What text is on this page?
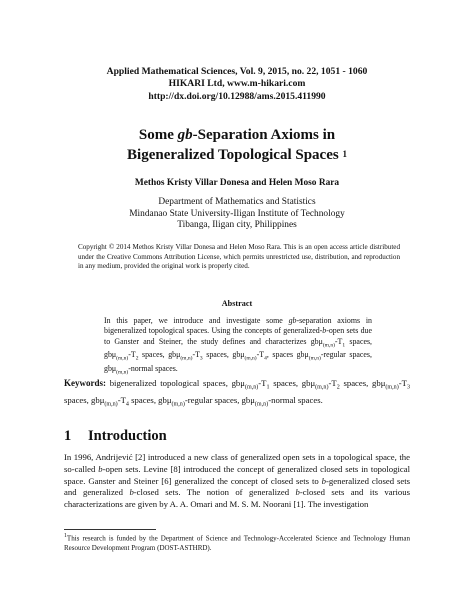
Applied Mathematical Sciences, Vol. 9, 2015, no. 22, 1051 - 1060
HIKARI Ltd, www.m-hikari.com
http://dx.doi.org/10.12988/ams.2015.411990
Some gb-Separation Axioms in
Bigeneralized Topological Spaces $^1$
Methos Kristy Villar Donesa and Helen Moso Rara
Department of Mathematics and Statistics
Mindanao State University-Iligan Institute of Technology
Tibanga, Iligan city, Philippines
Copyright © 2014 Methos Kristy Villar Donesa and Helen Moso Rara. This is an open access article distributed under the Creative Commons Attribution License, which permits unrestricted use, distribution, and reproduction in any medium, provided the original work is properly cited.
Abstract
In this paper, we introduce and investigate some gb-separation axioms in bigeneralized topological spaces. Using the concepts of generalized-b-open sets due to Ganster and Steiner, the study defines and characterizes $gb\mu_{(m,n)}-T_1$ spaces, $gb\mu_{(m,n)}-T_2$ spaces, $gb\mu_{(m,n)}-T_3$ spaces, $gb\mu_{(m,n)}-T_4$, spaces gbμ$_{(m,n)}$-regular spaces, gbμ$_{(m,n)}$-normal spaces.
Keywords: bigeneralized topological spaces, $gb\mu_{(m,n)}-T_1$ spaces, $gb\mu_{(m,n)}-T_2$ spaces, $gb\mu_{(m,n)}-T_3$ spaces, $gb\mu_{(m,n)}-T_4$ spaces, gbμ$_{(m,n)}$-regular spaces, gbμ$_{(m,n)}$-normal spaces.
1 Introduction
In 1996, Andrijević [2] introduced a new class of generalized open sets in a topological space, the so-called b-open sets. Levine [8] introduced the concept of generalized closed sets in topological space. Ganster and Steiner [6] generalized the concept of closed sets to b-generalized closed sets and generalized b-closed sets. The notion of generalized b-closed sets and its various characterizations are given by A. A. Omari and M. S. M. Noorani [1]. The investigation
$^1$This research is funded by the Department of Science and Technology-Accelerated Science and Technology Human Resource Development Program (DOST-ASTHRD).
